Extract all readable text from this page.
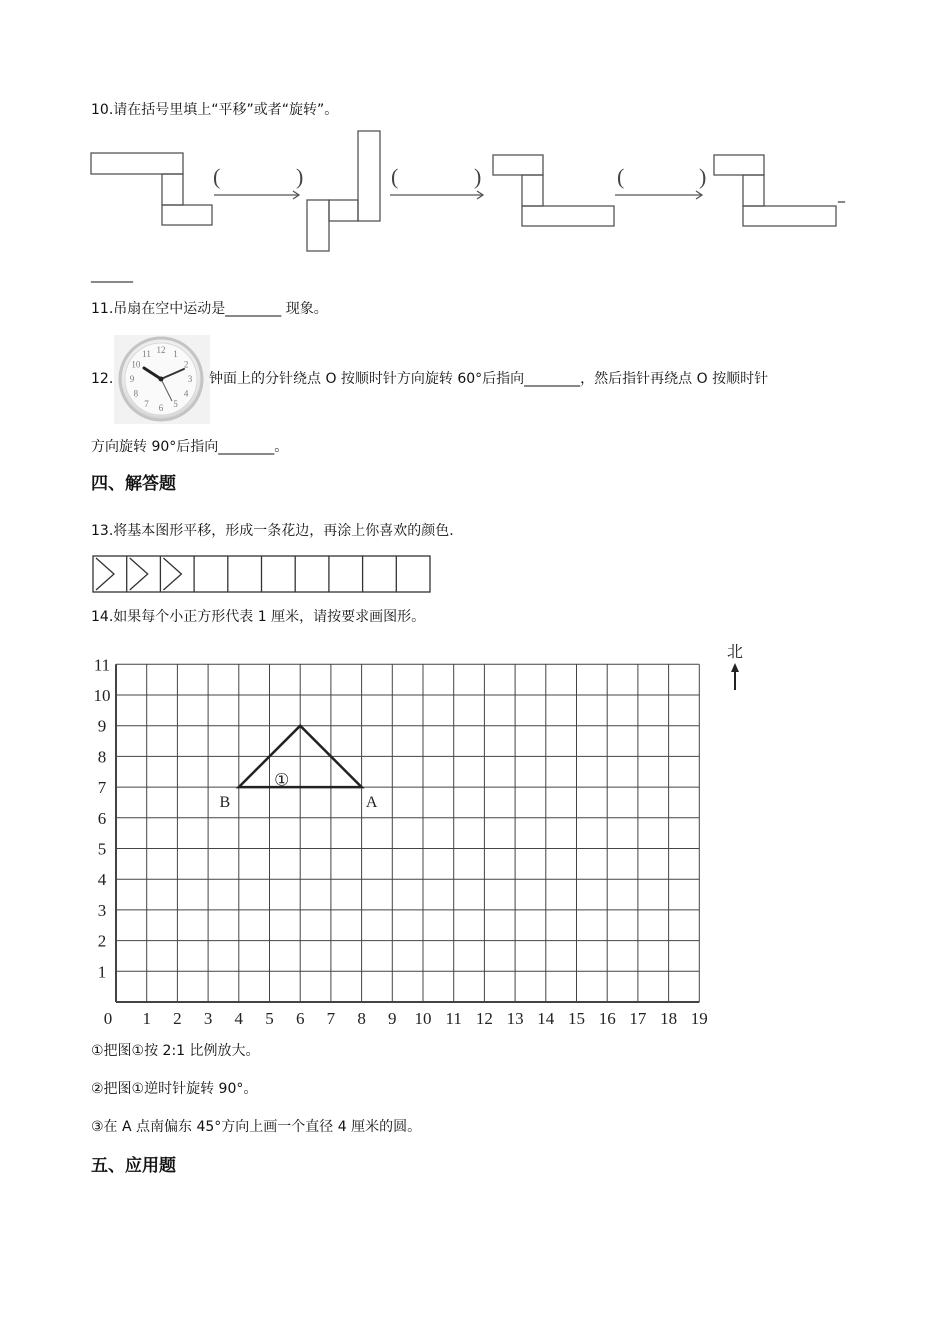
10.请在括号里填上“平移”或者“旋转”。
(	)	(	)	(	)
_
______
11.吊扇在空中运动是________ 现象。
12.
12 1
2
3
4
5
6
7
8
9
10
11
钟面上的分针绕点 O 按顺时针方向旋转 60°后指向________，然后指针再绕点 O 按顺时针
方向旋转 90°后指向________。
四、解答题
13.将基本图形平移，形成一条花边，再涂上你喜欢的颜色.
14.如果每个小正方形代表 1 厘米，请按要求画图形。
0 1 2 3 4 5 6 7 8 9 10 11 12 13 14 15 16 17 18 19
1
2
3
4
5
6
7
8
9
10
11
①
B	A
北
①把图①按 2:1 比例放大。
②把图①逆时针旋转 90°。
③在 A 点南偏东 45°方向上画一个直径 4 厘米的圆。
五、应用题
